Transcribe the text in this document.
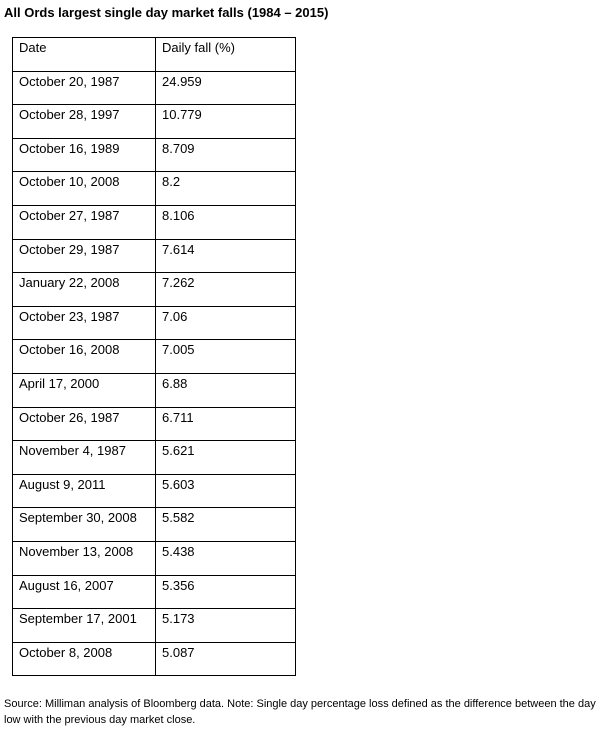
All Ords largest single day market falls (1984 – 2015)
Date	Daily fall (%)
October 20, 1987	24.959
October 28, 1997	10.779
October 16, 1989	8.709
October 10, 2008	8.2
October 27, 1987	8.106
October 29, 1987	7.614
January 22, 2008	7.262
October 23, 1987	7.06
October 16, 2008	7.005
April 17, 2000	6.88
October 26, 1987	6.711
November 4, 1987	5.621
August 9, 2011	5.603
September 30, 2008	5.582
November 13, 2008	5.438
August 16, 2007	5.356
September 17, 2001	5.173
October 8, 2008	5.087
Source: Milliman analysis of Bloomberg data. Note: Single day percentage loss defined as the difference between the day low with the previous day market close.
